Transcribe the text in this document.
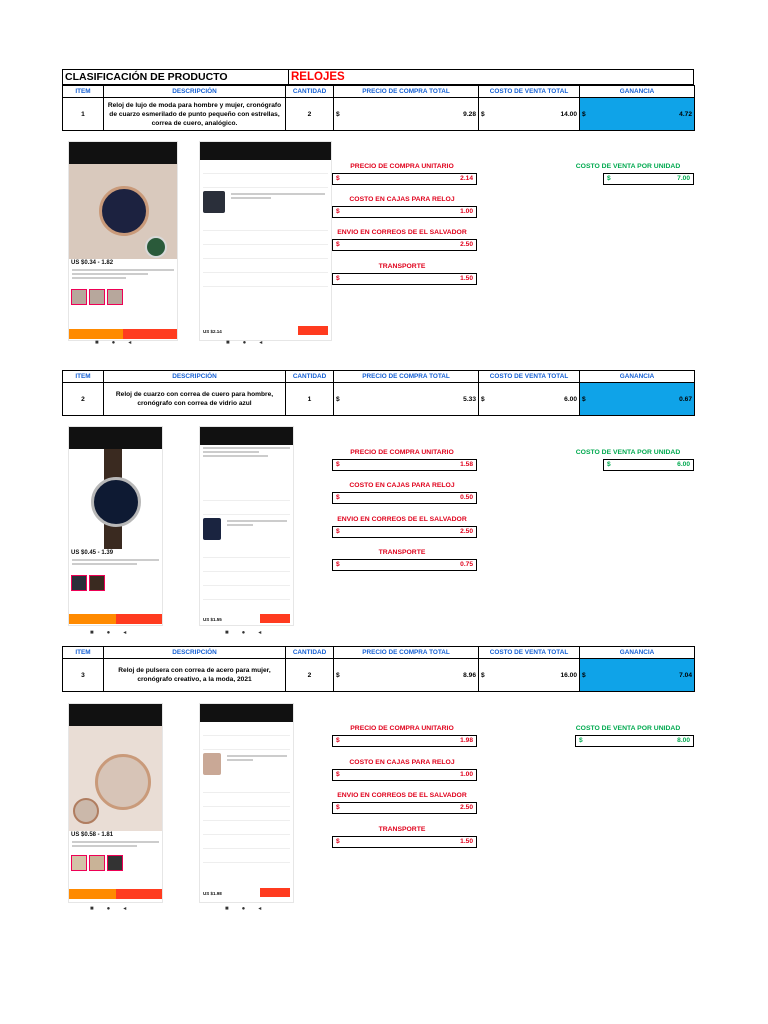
CLASIFICACIÓN DE PRODUCTO	RELOJES
ITEM	DESCRIPCIÓN	CANTIDAD	PRECIO DE COMPRA TOTAL	COSTO DE VENTA TOTAL	GANANCIA
1	Reloj de lujo de moda para hombre y mujer, cronógrafo de cuarzo esmerilado de punto pequeño con estrellas, correa de cuero, analógico.	2	$ 9.28	$ 14.00	$ 4.72
US $0.34 - 1.82
■●◂
US $2.14
■●◂
PRECIO DE COMPRA UNITARIO
$	2.14
COSTO DE VENTA POR UNIDAD
$	7.00
COSTO EN CAJAS PARA RELOJ
$	1.00
ENVIO EN CORREOS DE EL SALVADOR
$	2.50
TRANSPORTE
$	1.50
ITEM	DESCRIPCIÓN	CANTIDAD	PRECIO DE COMPRA TOTAL	COSTO DE VENTA TOTAL	GANANCIA
2	Reloj de cuarzo con correa de cuero para hombre, cronógrafo con correa de vidrio azul	1	$ 5.33	$ 6.00	$ 0.67
US $0.45 - 1.39
■●◂
US $1.55
■●◂
PRECIO DE COMPRA UNITARIO
$	1.58
COSTO DE VENTA POR UNIDAD
$	6.00
COSTO EN CAJAS PARA RELOJ
$	0.50
ENVIO EN CORREOS DE EL SALVADOR
$	2.50
TRANSPORTE
$	0.75
ITEM	DESCRIPCIÓN	CANTIDAD	PRECIO DE COMPRA TOTAL	COSTO DE VENTA TOTAL	GANANCIA
3	Reloj de pulsera con correa de acero para mujer, cronógrafo creativo, a la moda, 2021	2	$ 8.96	$ 16.00	$ 7.04
US $0.58 - 1.81
■●◂
US $1.98
■●◂
PRECIO DE COMPRA UNITARIO
$	1.98
COSTO DE VENTA POR UNIDAD
$	8.00
COSTO EN CAJAS PARA RELOJ
$	1.00
ENVIO EN CORREOS DE EL SALVADOR
$	2.50
TRANSPORTE
$	1.50
